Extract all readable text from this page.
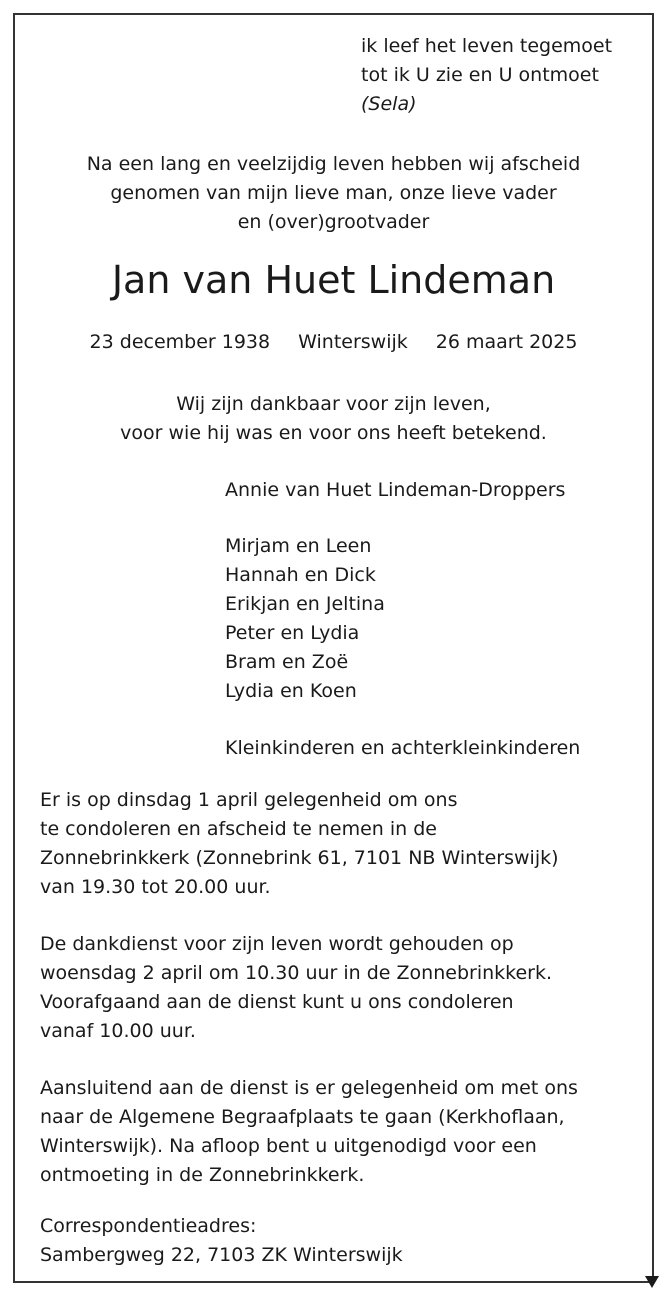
ik leef het leven tegemoet
tot ik U zie en U ontmoet
(Sela)
Na een lang en veelzijdig leven hebben wij afscheid
genomen van mijn lieve man, onze lieve vader
en (over)grootvader
Jan van Huet Lindeman
23 december 1938 Winterswijk 26 maart 2025
Wij zijn dankbaar voor zijn leven,
voor wie hij was en voor ons heeft betekend.
Annie van Huet Lindeman-Droppers
Mirjam en Leen
Hannah en Dick
Erikjan en Jeltina
Peter en Lydia
Bram en Zoë
Lydia en Koen
Kleinkinderen en achterkleinkinderen
Er is op dinsdag 1 april gelegenheid om ons
te condoleren en afscheid te nemen in de
Zonnebrinkkerk (Zonnebrink 61, 7101 NB Winterswijk)
van 19.30 tot 20.00 uur.
De dankdienst voor zijn leven wordt gehouden op
woensdag 2 april om 10.30 uur in de Zonnebrinkkerk.
Voorafgaand aan de dienst kunt u ons condoleren
vanaf 10.00 uur.
Aansluitend aan de dienst is er gelegenheid om met ons
naar de Algemene Begraafplaats te gaan (Kerkhoflaan,
Winterswijk). Na afloop bent u uitgenodigd voor een
ontmoeting in de Zonnebrinkkerk.
Correspondentieadres:
Sambergweg 22, 7103 ZK Winterswijk
